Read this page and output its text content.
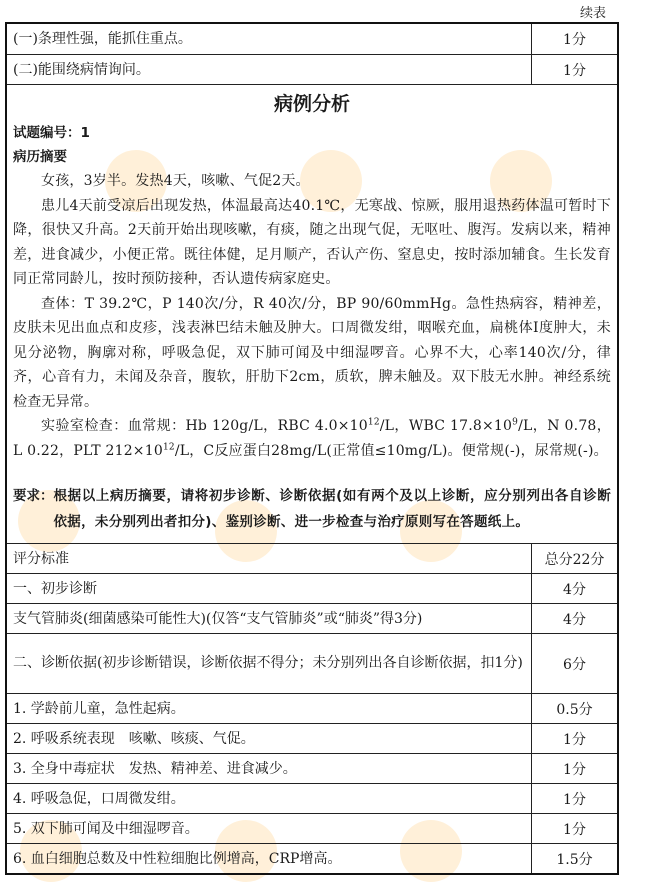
续表
(一)条理性强，能抓住重点。	1分
(二)能围绕病情询问。	1分
病例分析
试题编号：1
病历摘要

女孩，3岁半。发热4天，咳嗽、气促2天。

患儿4天前受凉后出现发热，体温最高达40.1℃，无寒战、惊厥，服用退热药体温可暂时下降，很快又升高。2天前开始出现咳嗽，有痰，随之出现气促，无呕吐、腹泻。发病以来，精神差，进食减少，小便正常。既往体健，足月顺产，否认产伤、窒息史，按时添加辅食。生长发育同正常同龄儿，按时预防接种，否认遗传病家庭史。

查体：T 39.2℃，P 140次/分，R 40次/分，BP 90/60mmHg。急性热病容，精神差，皮肤未见出血点和皮疹，浅表淋巴结未触及肿大。口周微发绀，咽喉充血，扁桃体Ⅰ度肿大，未见分泌物，胸廓对称，呼吸急促，双下肺可闻及中细湿啰音。心界不大，心率140次/分，律齐，心音有力，未闻及杂音，腹软，肝肋下2cm，质软，脾未触及。双下肢无水肿。神经系统检查无异常。

实验室检查：血常规：Hb 120g/L，RBC $4.0\times 10^{12}/L$，WBC $17.8\times 10^9/L$，N 0.78，L 0.22，PLT $212\times 10^{12}/L$，C反应蛋白28mg/L(正常值≤10mg/L)。便常规(-)，尿常规(-)。

要求： 根据以上病历摘要，请将初步诊断、诊断依据(如有两个及以上诊断，应分别列出各自诊断依据，未分别列出者扣分)、鉴别诊断、进一步检查与治疗原则写在答题纸上。
评分标准	总分22分
一、初步诊断	4分
支气管肺炎(细菌感染可能性大)(仅答“支气管肺炎”或“肺炎”得3分)	4分
二、诊断依据(初步诊断错误，诊断依据不得分；未分别列出各自诊断依据，扣1分)	6分
1. 学龄前儿童，急性起病。	0.5分
2. 呼吸系统表现　咳嗽、咳痰、气促。	1分
3. 全身中毒症状　发热、精神差、进食减少。	1分
4. 呼吸急促，口周微发绀。	1分
5. 双下肺可闻及中细湿啰音。	1分
6. 血白细胞总数及中性粒细胞比例增高，CRP增高。	1.5分
